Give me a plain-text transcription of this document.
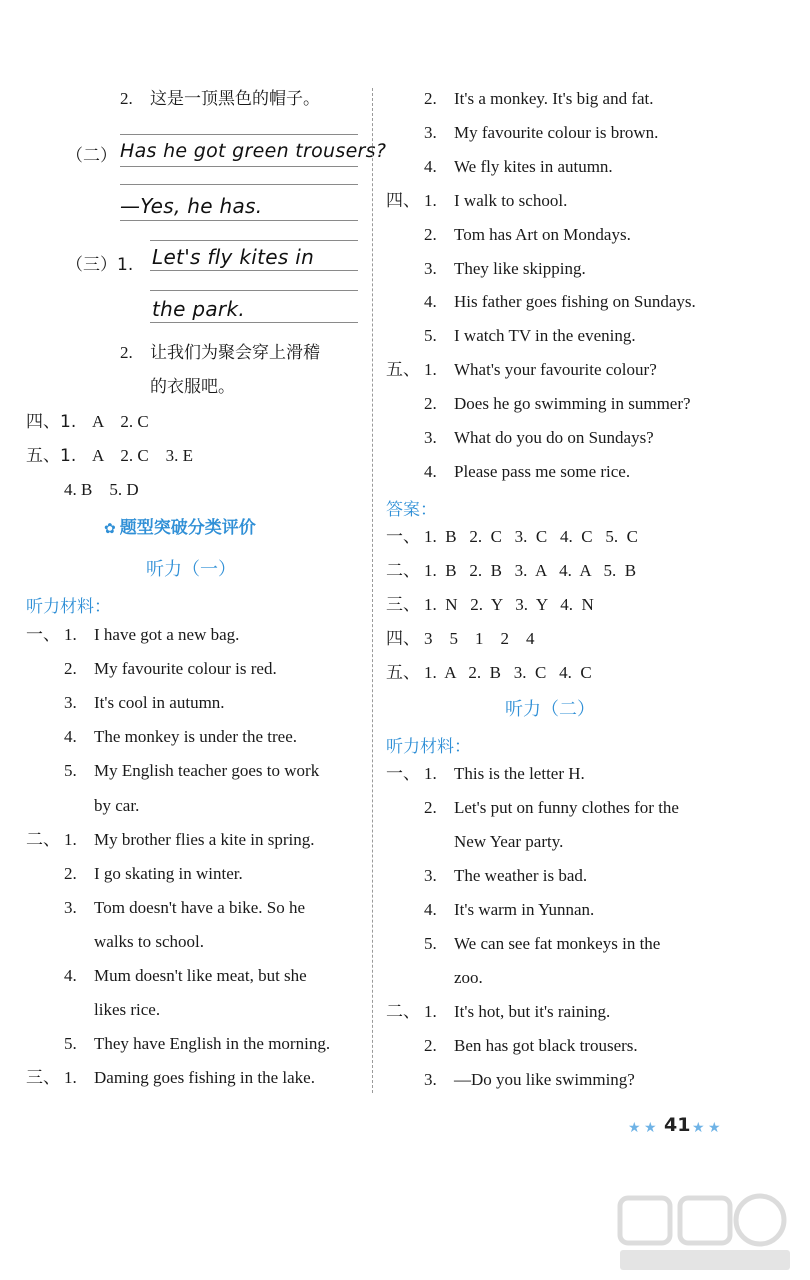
2. 这是一顶黑色的帽子。
（二） Has he got green trousers?
—Yes, he has.
（三）1. Let's fly kites in
the park.
2. 让我们为聚会穿上滑稽
的衣服吧。
四、1. A　2. C
五、1. A　2. C　3. E
4. B　5. D
✿ 题型突破分类评价
听力（一）
听力材料：
一、 1. I have got a new bag.
2. My favourite colour is red.
3. It's cool in autumn.
4. The monkey is under the tree.
5. My English teacher goes to work
by car.
二、 1. My brother flies a kite in spring.
2. I go skating in winter.
3. Tom doesn't have a bike. So he
walks to school.
4. Mum doesn't like meat, but she
likes rice.
5. They have English in the morning.
三、 1. Daming goes fishing in the lake.
2. It's a monkey. It's big and fat.
3. My favourite colour is brown.
4. We fly kites in autumn.
四、 1. I walk to school.
2. Tom has Art on Mondays.
3. They like skipping.
4. His father goes fishing on Sundays.
5. I watch TV in the evening.
五、 1. What's your favourite colour?
2. Does he go swimming in summer?
3. What do you do on Sundays?
4. Please pass me some rice.
答案：
一、 1.  B   2.  C   3.  C   4.  C   5.  C
二、 1.  B   2.  B   3.  A   4.  A   5.  B
三、 1.  N   2.  Y   3.  Y   4.  N
四、 3    5    1    2    4
五、 1.  A   2.  B   3.  C   4.  C
听力（二）
听力材料：
一、 1. This is the letter H.
2. Let's put on funny clothes for the
New Year party.
3. The weather is bad.
4. It's warm in Yunnan.
5. We can see fat monkeys in the
zoo.
二、 1. It's hot, but it's raining.
2. Ben has got black trousers.
3. —Do you like swimming?
★ ★ 41 ★ ★
